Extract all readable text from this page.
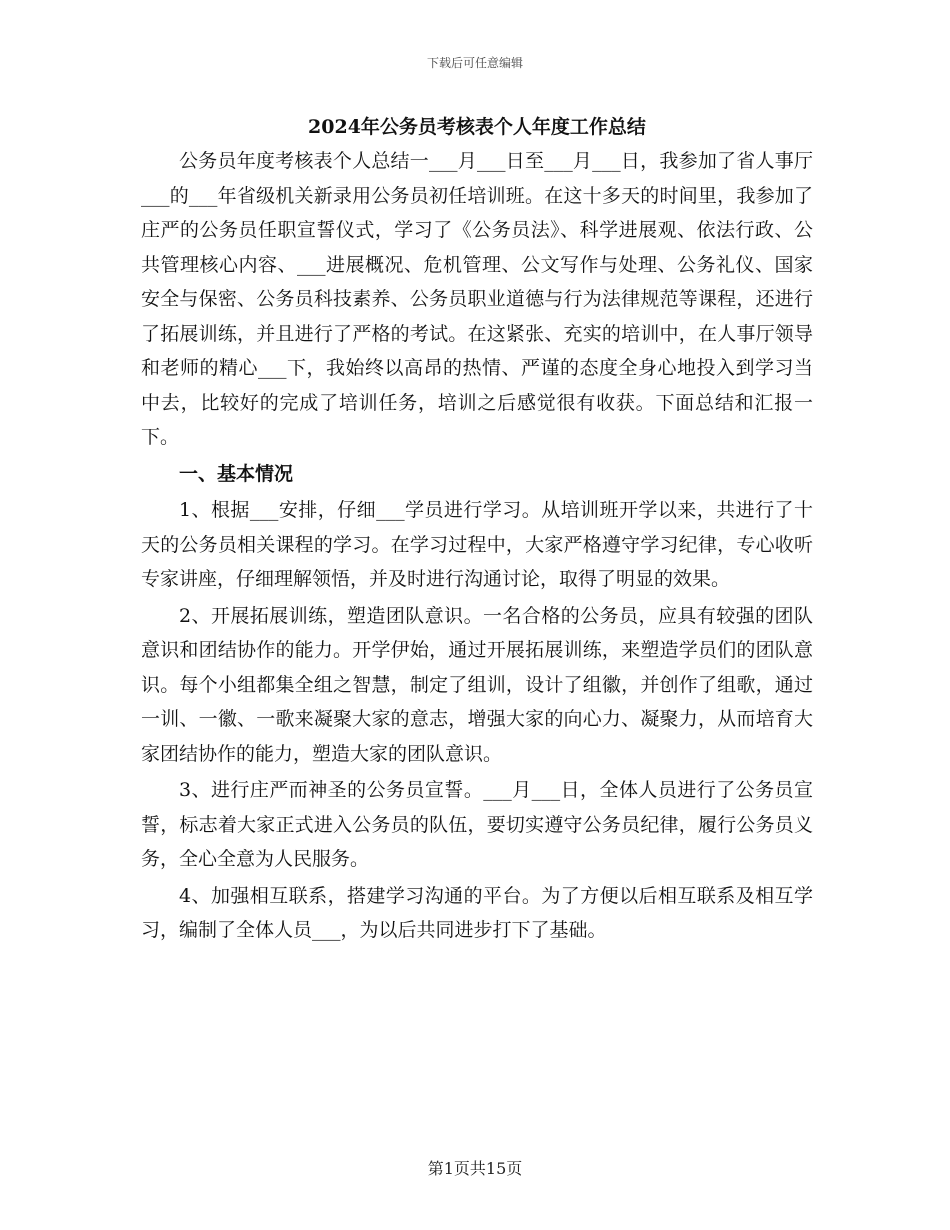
下载后可任意编辑
2024年公务员考核表个人年度工作总结

公务员年度考核表个人总结一___月___日至___月___日，我参加了省人事厅___的___年省级机关新录用公务员初任培训班。在这十多天的时间里，我参加了庄严的公务员任职宣誓仪式，学习了《公务员法》、科学进展观、依法行政、公共管理核心内容、___进展概况、危机管理、公文写作与处理、公务礼仪、国家安全与保密、公务员科技素养、公务员职业道德与行为法律规范等课程，还进行了拓展训练，并且进行了严格的考试。在这紧张、充实的培训中，在人事厅领导和老师的精心___下，我始终以高昂的热情、严谨的态度全身心地投入到学习当中去，比较好的完成了培训任务，培训之后感觉很有收获。下面总结和汇报一下。

一、基本情况

1、根据___安排，仔细___学员进行学习。从培训班开学以来，共进行了十天的公务员相关课程的学习。在学习过程中，大家严格遵守学习纪律，专心收听专家讲座，仔细理解领悟，并及时进行沟通讨论，取得了明显的效果。

2、开展拓展训练，塑造团队意识。一名合格的公务员，应具有较强的团队意识和团结协作的能力。开学伊始，通过开展拓展训练，来塑造学员们的团队意识。每个小组都集全组之智慧，制定了组训，设计了组徽，并创作了组歌，通过一训、一徽、一歌来凝聚大家的意志，增强大家的向心力、凝聚力，从而培育大家团结协作的能力，塑造大家的团队意识。

3、进行庄严而神圣的公务员宣誓。___月___日，全体人员进行了公务员宣誓，标志着大家正式进入公务员的队伍，要切实遵守公务员纪律，履行公务员义务，全心全意为人民服务。

4、加强相互联系，搭建学习沟通的平台。为了方便以后相互联系及相互学习，编制了全体人员___，为以后共同进步打下了基础。

第1页共15页
